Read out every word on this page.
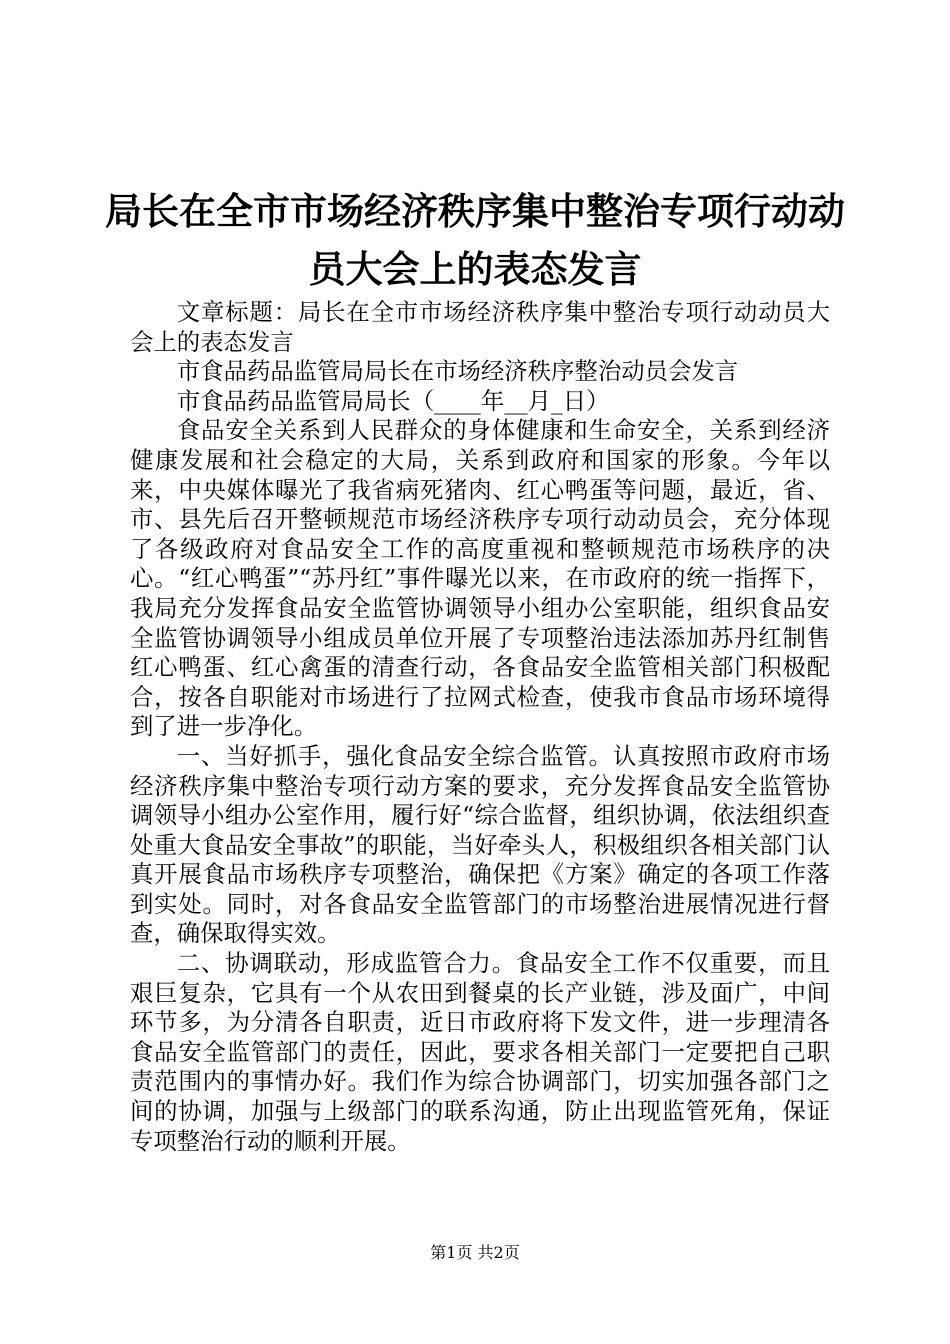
局长在全市市场经济秩序集中整治专项行动动员大会上的表态发言

文章标题：局长在全市市场经济秩序集中整治专项行动动员大会上的表态发言

市食品药品监管局局长在市场经济秩序整治动员会发言

市食品药品监管局局长（____年__月_日）

食品安全关系到人民群众的身体健康和生命安全，关系到经济健康发展和社会稳定的大局，关系到政府和国家的形象。今年以来，中央媒体曝光了我省病死猪肉、红心鸭蛋等问题，最近，省、市、县先后召开整顿规范市场经济秩序专项行动动员会，充分体现了各级政府对食品安全工作的高度重视和整顿规范市场秩序的决心。“红心鸭蛋”“苏丹红”事件曝光以来，在市政府的统一指挥下，我局充分发挥食品安全监管协调领导小组办公室职能，组织食品安全监管协调领导小组成员单位开展了专项整治违法添加苏丹红制售红心鸭蛋、红心禽蛋的清查行动，各食品安全监管相关部门积极配合，按各自职能对市场进行了拉网式检查，使我市食品市场环境得到了进一步净化。

一、当好抓手，强化食品安全综合监管。认真按照市政府市场经济秩序集中整治专项行动方案的要求，充分发挥食品安全监管协调领导小组办公室作用，履行好“综合监督，组织协调，依法组织查处重大食品安全事故”的职能，当好牵头人，积极组织各相关部门认真开展食品市场秩序专项整治，确保把《方案》确定的各项工作落到实处。同时，对各食品安全监管部门的市场整治进展情况进行督查，确保取得实效。

二、协调联动，形成监管合力。食品安全工作不仅重要，而且艰巨复杂，它具有一个从农田到餐桌的长产业链，涉及面广，中间环节多，为分清各自职责，近日市政府将下发文件，进一步理清各食品安全监管部门的责任，因此，要求各相关部门一定要把自己职责范围内的事情办好。我们作为综合协调部门，切实加强各部门之间的协调，加强与上级部门的联系沟通，防止出现监管死角，保证专项整治行动的顺利开展。

第1页 共2页
